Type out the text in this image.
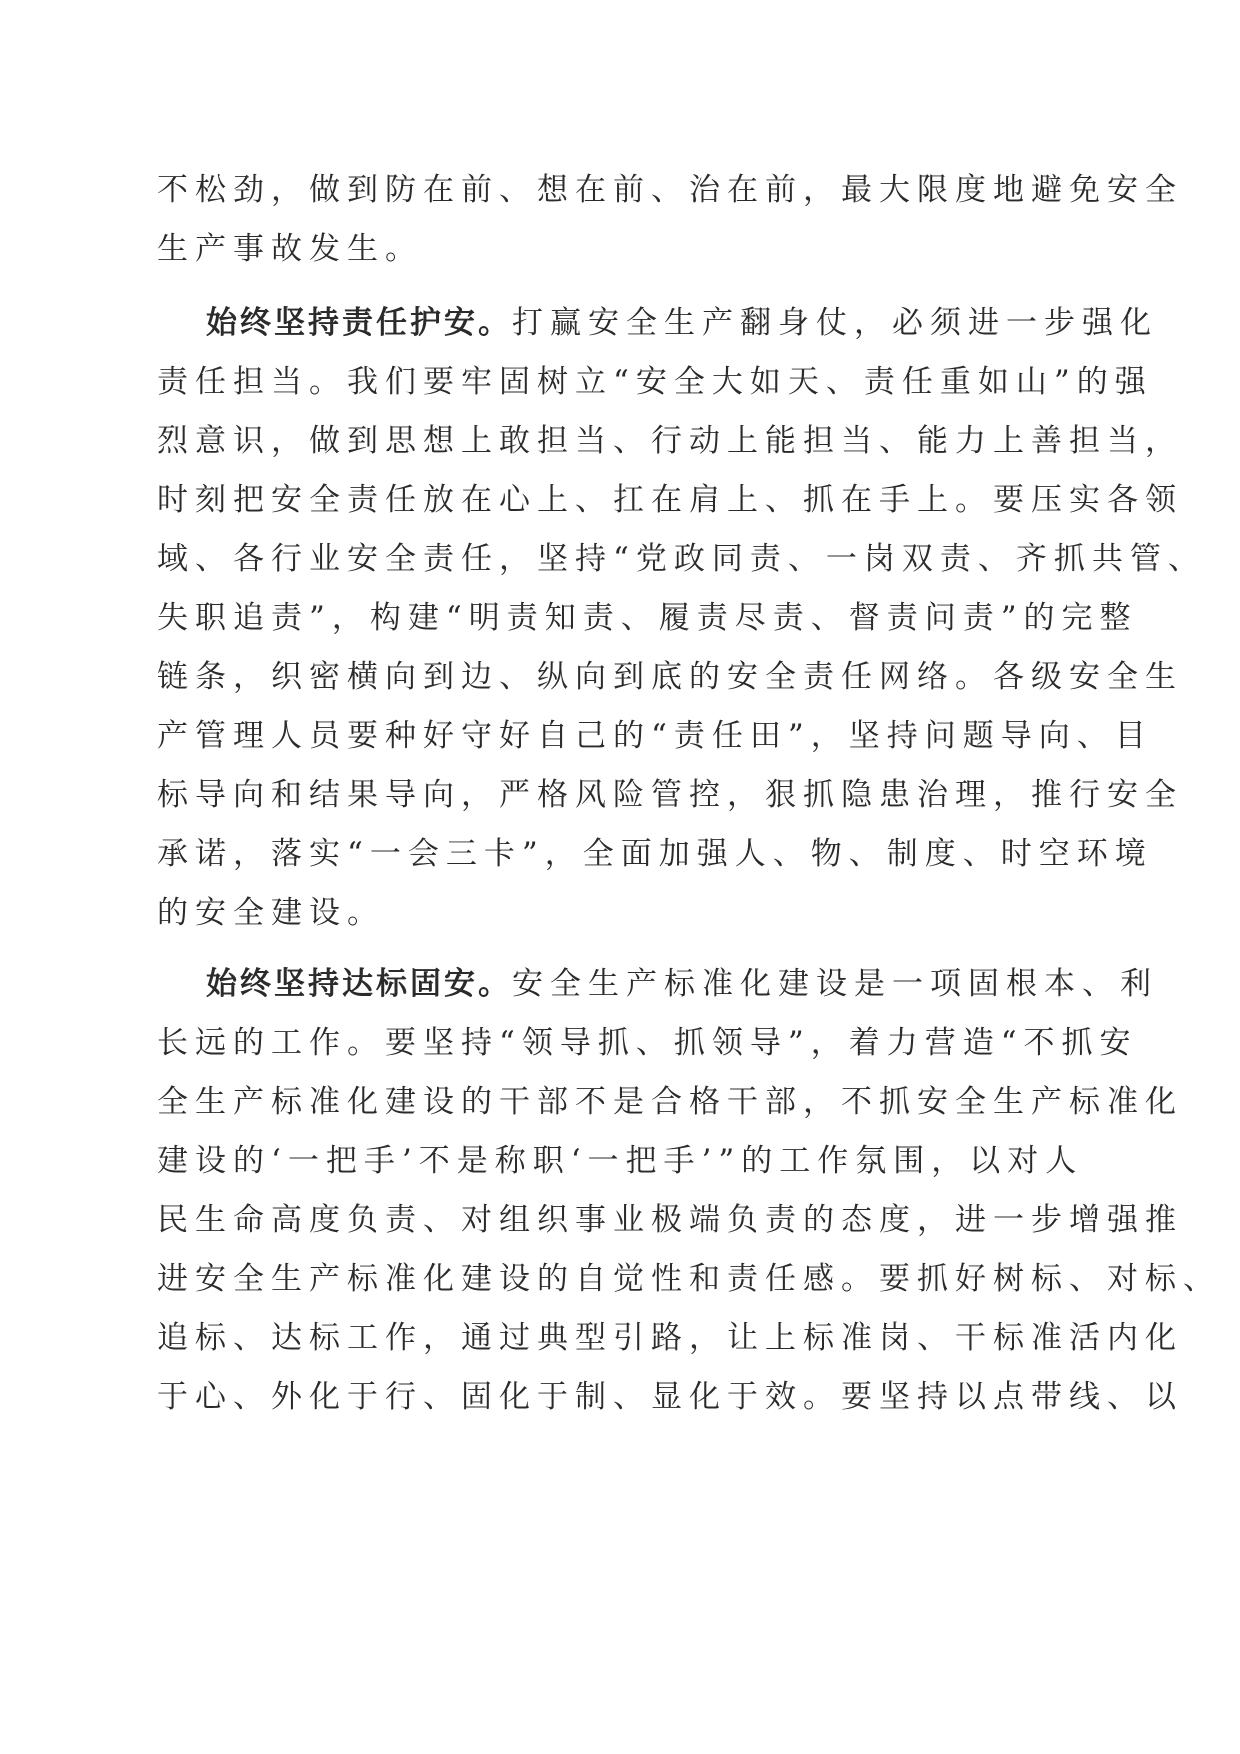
不松劲，做到防在前、想在前、治在前，最大限度地避免安全
生产事故发生。
始终坚持责任护安。打赢安全生产翻身仗，必须进一步强化
责任担当。我们要牢固树立“安全大如天、责任重如山”的强
烈意识，做到思想上敢担当、行动上能担当、能力上善担当，
时刻把安全责任放在心上、扛在肩上、抓在手上。要压实各领
域、各行业安全责任，坚持“党政同责、一岗双责、齐抓共管、
失职追责”，构建“明责知责、履责尽责、督责问责”的完整
链条，织密横向到边、纵向到底的安全责任网络。各级安全生
产管理人员要种好守好自己的“责任田”，坚持问题导向、目
标导向和结果导向，严格风险管控，狠抓隐患治理，推行安全
承诺，落实“一会三卡”，全面加强人、物、制度、时空环境
的安全建设。
始终坚持达标固安。安全生产标准化建设是一项固根本、利
长远的工作。要坚持“领导抓、抓领导”，着力营造“不抓安
全生产标准化建设的干部不是合格干部，不抓安全生产标准化
建设的‘一把手’不是称职‘一把手’”的工作氛围，以对人
民生命高度负责、对组织事业极端负责的态度，进一步增强推
进安全生产标准化建设的自觉性和责任感。要抓好树标、对标、
追标、达标工作，通过典型引路，让上标准岗、干标准活内化
于心、外化于行、固化于制、显化于效。要坚持以点带线、以
